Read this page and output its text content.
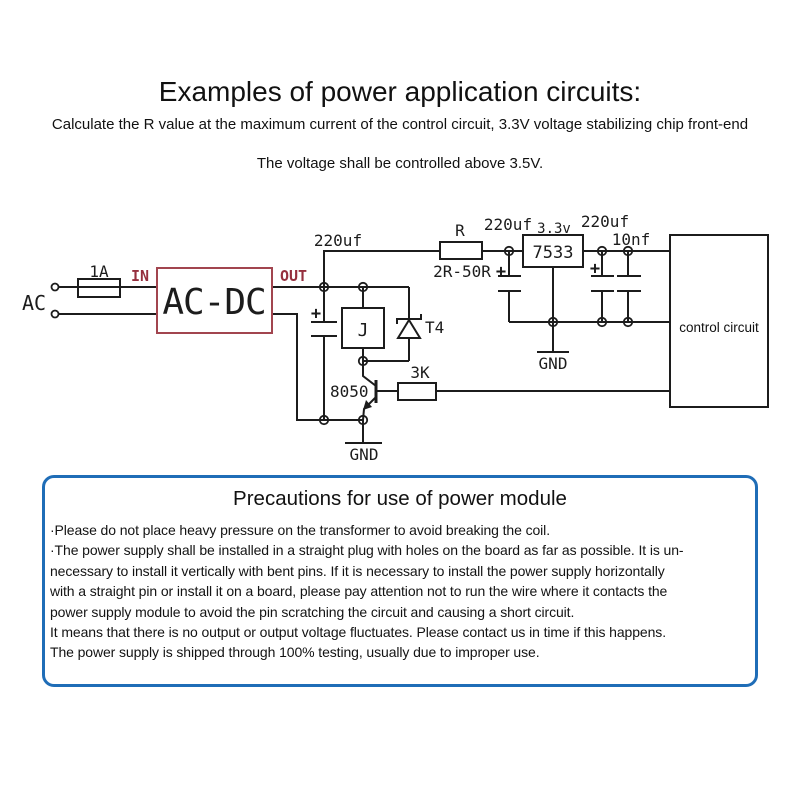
Examples of power application circuits:
Calculate the R value at the maximum current of the control circuit, 3.3V voltage stabilizing chip front-end
The voltage shall be controlled above 3.5V.
AC
1A IN
AC-DC
OUT
220uf
R
2R-50R
220uf 3.3v 220uf
10nf
7533
control circuit
GND
J	T4
8050
3K
GND
+
+	+
Precautions for use of power module
·Please do not place heavy pressure on the transformer to avoid breaking the coil.
·The power supply shall be installed in a straight plug with holes on the board as far as possible. It is un-
necessary to install it vertically with bent pins. If it is necessary to install the power supply horizontally
with a straight pin or install it on a board, please pay attention not to run the wire where it contacts the
power supply module to avoid the pin scratching the circuit and causing a short circuit.
It means that there is no output or output voltage fluctuates. Please contact us in time if this happens.
The power supply is shipped through 100% testing, usually due to improper use.
